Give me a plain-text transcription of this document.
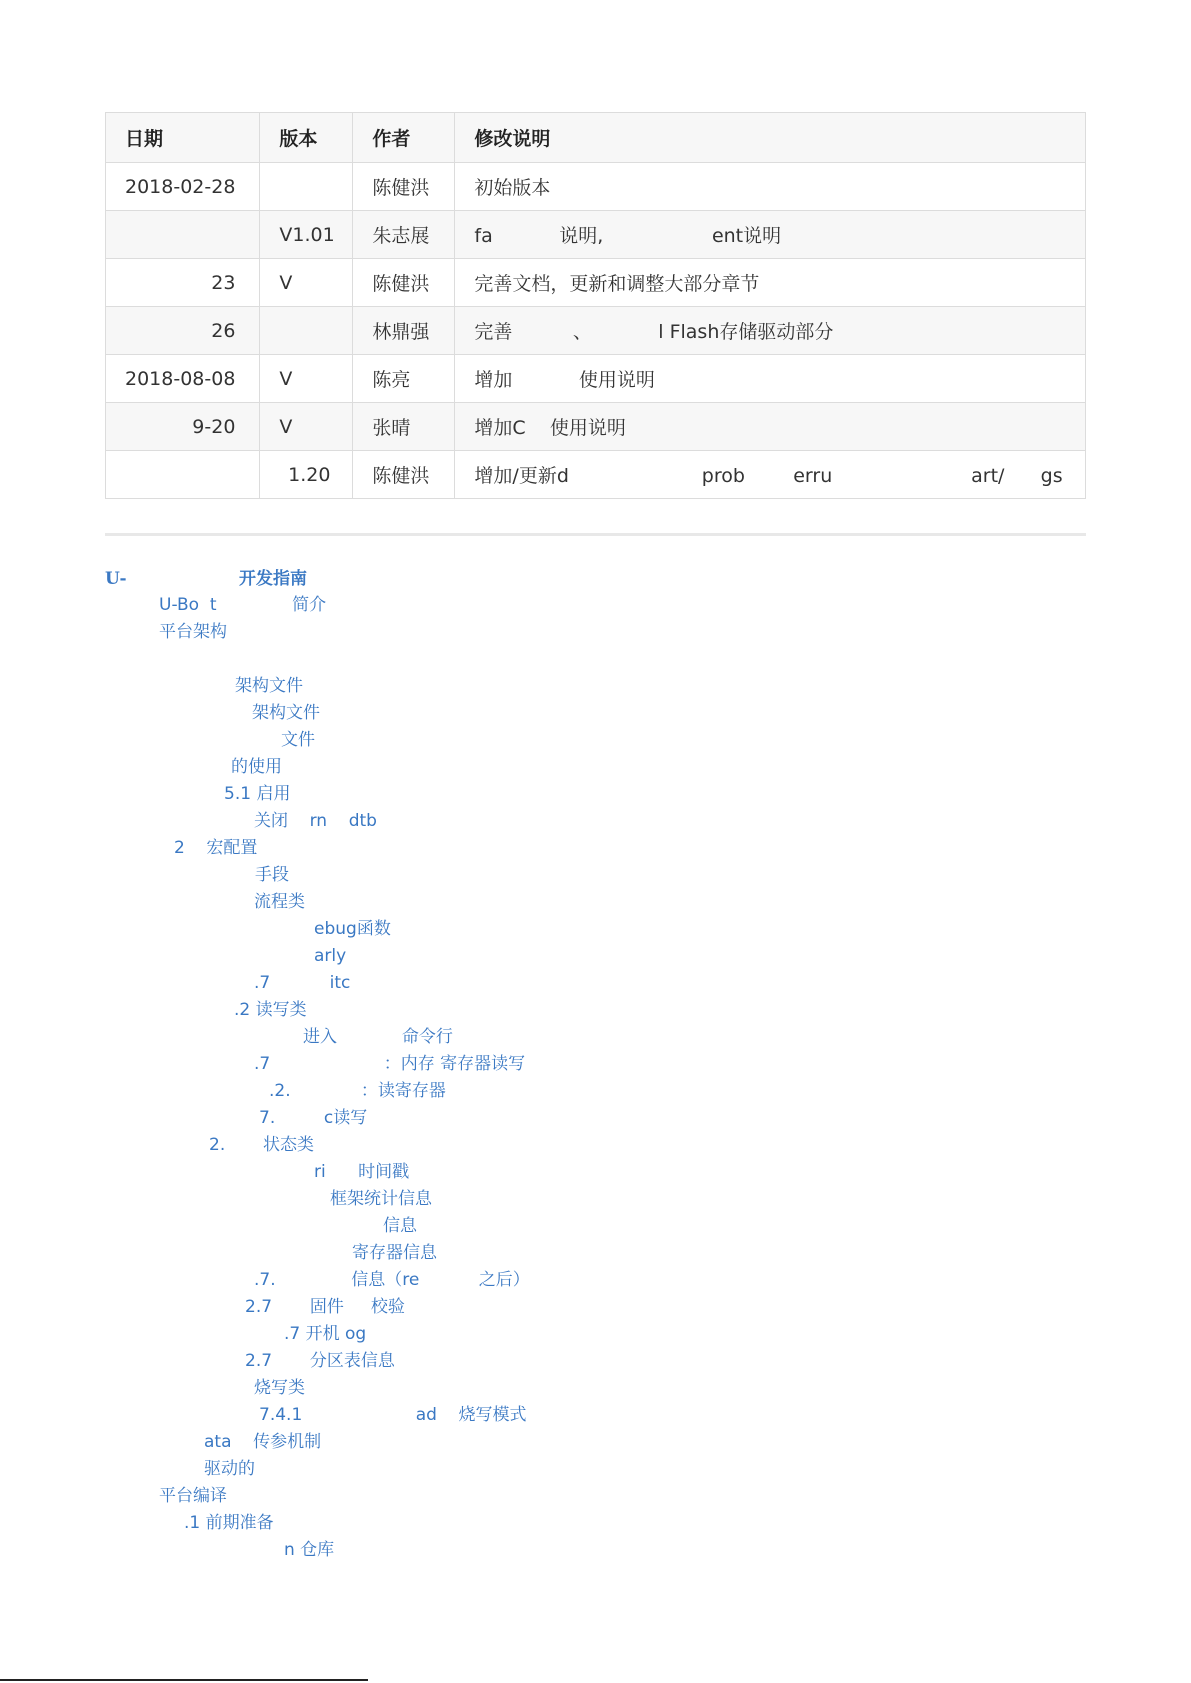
日期	版本	作者	修改说明
2018-02-28		陈健洪	初始版本
	V1.01	朱志展	fa           说明,                  ent说明
23	V	陈健洪	完善文档，更新和调整大部分章节
26		林鼎强	完善          、           l Flash存储驱动部分
2018-08-08	V	陈亮	增加           使用说明
9-20	V	张晴	增加C    使用说明
	1.20	陈健洪	增加/更新d                      prob        erru                       art/      gs
U-                   开发指南
U-Bo  t              简介
平台架构
架构文件
架构文件
文件
的使用
5.1 启用
关闭    rn    dtb
2    宏配置
手段
流程类
ebug函数
arly
.7           itc
.2 读写类
进入            命令行
.7                     ：内存 寄存器读写
.2.             ：读寄存器
7.         c读写
2.       状态类
ri      时间戳
框架统计信息
信息
寄存器信息
.7.              信息（re           之后）
2.7       固件     校验
.7 开机 og
2.7       分区表信息
烧写类
7.4.1                     ad    烧写模式
ata    传参机制
驱动的
平台编译
.1 前期准备
n 仓库
